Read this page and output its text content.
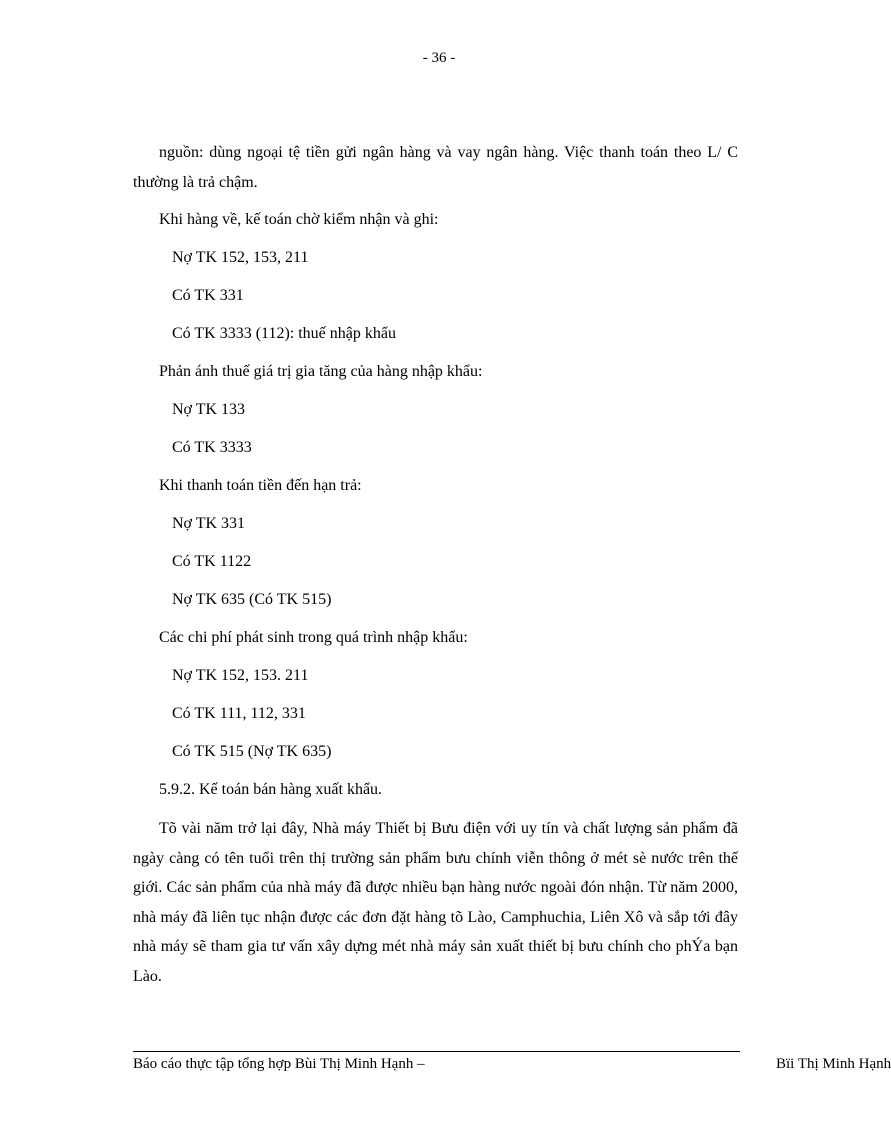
- 36 -

nguồn: dùng ngoại tệ tiền gửi ngân hàng và vay ngân hàng. Việc thanh toán theo L/ C thường là trả chậm.

Khi hàng về, kế toán chờ kiểm nhận và ghi:
Nợ TK 152, 153, 211
Có TK 331
Có TK 3333 (112): thuế nhập khẩu
Phản ánh thuế giá trị gia tăng của hàng nhập khẩu:
Nợ TK 133
Có TK 3333
Khi thanh toán tiền đến hạn trả:
Nợ TK 331
Có TK 1122
Nợ TK 635 (Có TK 515)
Các chi phí phát sinh trong quá trình nhập khẩu:
Nợ TK 152, 153. 211
Có TK 111, 112, 331
Có TK 515 (Nợ TK 635)
5.9.2. Kế toán bán hàng xuất khẩu.

Tõ vài năm trở lại đây, Nhà máy Thiết bị Bưu điện với uy tín và chất lượng sản phẩm đã ngày càng có tên tuổi trên thị trường sản phẩm bưu chính viễn thông ở mét sè nước trên thế giới. Các sản phẩm của nhà máy đã được nhiều bạn hàng nước ngoài đón nhận. Từ năm 2000, nhà máy đã liên tục nhận được các đơn đặt hàng tõ Lào, Camphuchia, Liên Xô và sắp tới đây nhà máy sẽ tham gia tư vấn xây dựng mét nhà máy sản xuất thiết bị bưu chính cho phÝa bạn Lào.

Báo cáo thực tập tổng hợp Bùi Thị Minh Hạnh –	Bïi Thị Minh Hạnh
